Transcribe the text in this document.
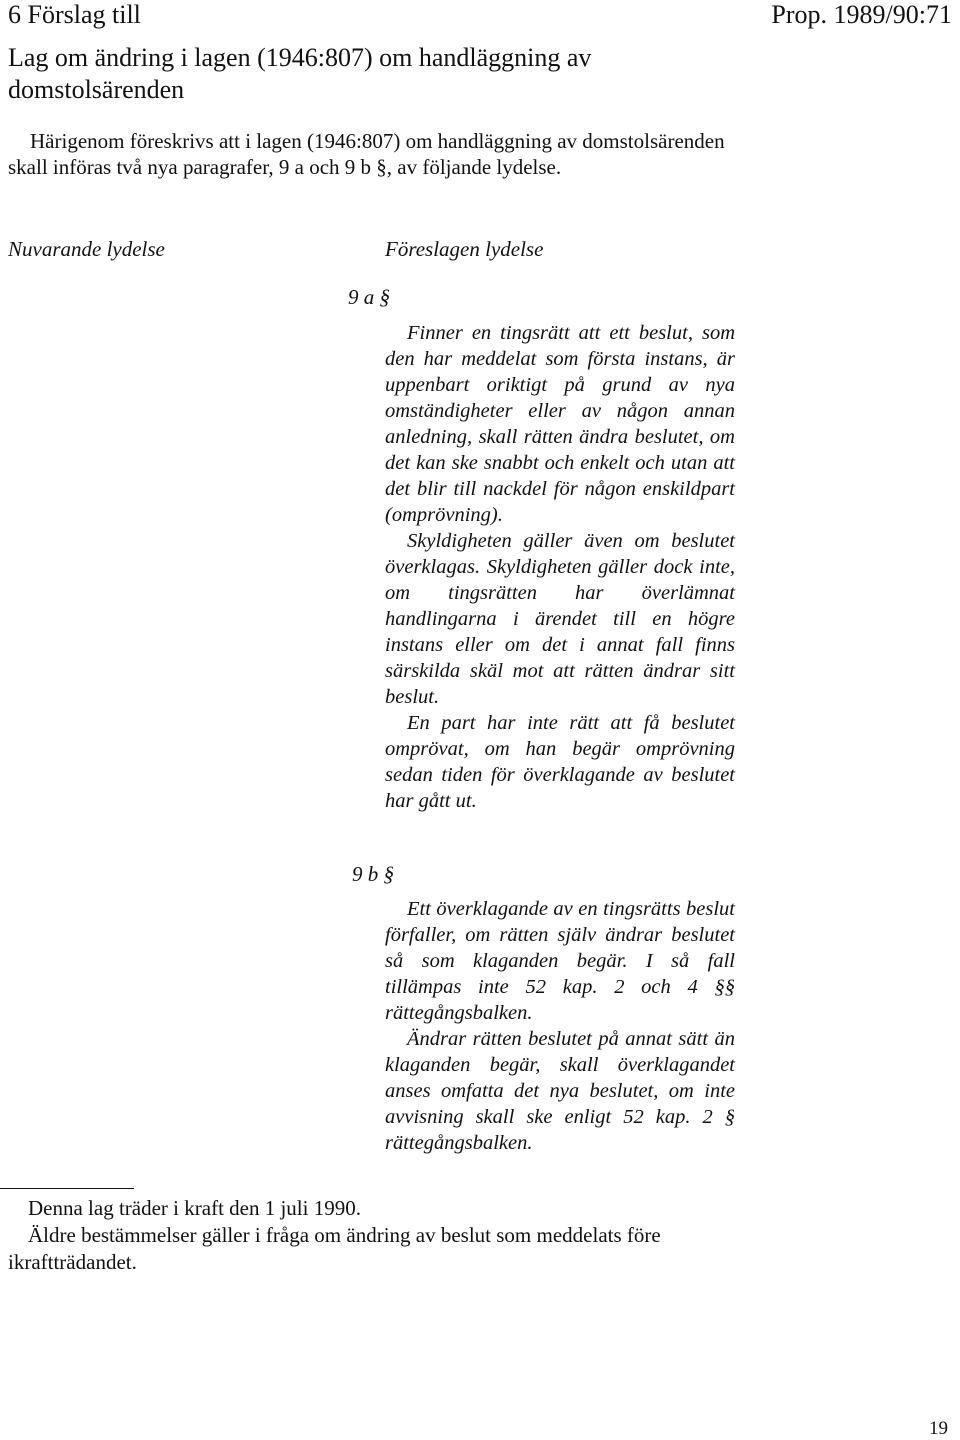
6 Förslag till	Prop. 1989/90:71
Lag om ändring i lagen (1946:807) om handläggning av domstolsärenden
Härigenom föreskrivs att i lagen (1946:807) om handläggning av domstolsärenden skall införas två nya paragrafer, 9 a och 9 b §, av följande lydelse.
Nuvarande lydelse	Föreslagen lydelse
9 a §

Finner en tingsrätt att ett beslut, som den har meddelat som första instans, är uppenbart oriktigt på grund av nya omständigheter eller av någon annan anledning, skall rätten ändra beslutet, om det kan ske snabbt och enkelt och utan att det blir till nackdel för någon enskildpart (omprövning).

Skyldigheten gäller även om beslutet överklagas. Skyldigheten gäller dock inte, om tingsrätten har överlämnat handlingarna i ärendet till en högre instans eller om det i annat fall finns särskilda skäl mot att rätten ändrar sitt beslut.

En part har inte rätt att få beslutet omprövat, om han begär omprövning sedan tiden för överklagande av beslutet har gått ut.

9 b §

Ett överklagande av en tingsrätts beslut förfaller, om rätten själv ändrar beslutet så som klaganden begär. I så fall tillämpas inte 52 kap. 2 och 4 §§ rättegångsbalken.

Ändrar rätten beslutet på annat sätt än klaganden begär, skall överklagandet anses omfatta det nya beslutet, om inte avvisning skall ske enligt 52 kap. 2 § rättegångsbalken.

Denna lag träder i kraft den 1 juli 1990.

Äldre bestämmelser gäller i fråga om ändring av beslut som meddelats före ikraftträdandet.

19
